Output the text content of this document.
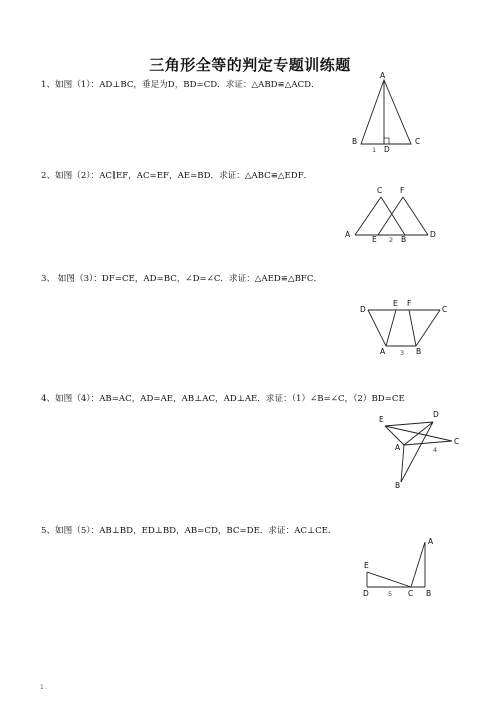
三角形全等的判定专题训练题
1、如图（1）：AD⊥BC，垂足为D，BD=CD．求证：△ABD≌△ACD．
A
B	C
D
1
2、如图（2）：AC∥EF，AC=EF，AE=BD．求证：△ABC≌△EDF．
C F
A	D
E	B
2
3、 如图（3）：DF=CE，AD=BC，∠D=∠C．求证：△AED≌△BFC．
D	C
E F
A	B
3
4、如图（4）：AB=AC，AD=AE，AB⊥AC，AD⊥AE．求证：（1）∠B=∠C，（2）BD=CE
E
D
C
A
B
4
5、如图（5）：AB⊥BD，ED⊥BD，AB=CD，BC=DE．求证：AC⊥CE．
A
E
D	C B
5
1 .
